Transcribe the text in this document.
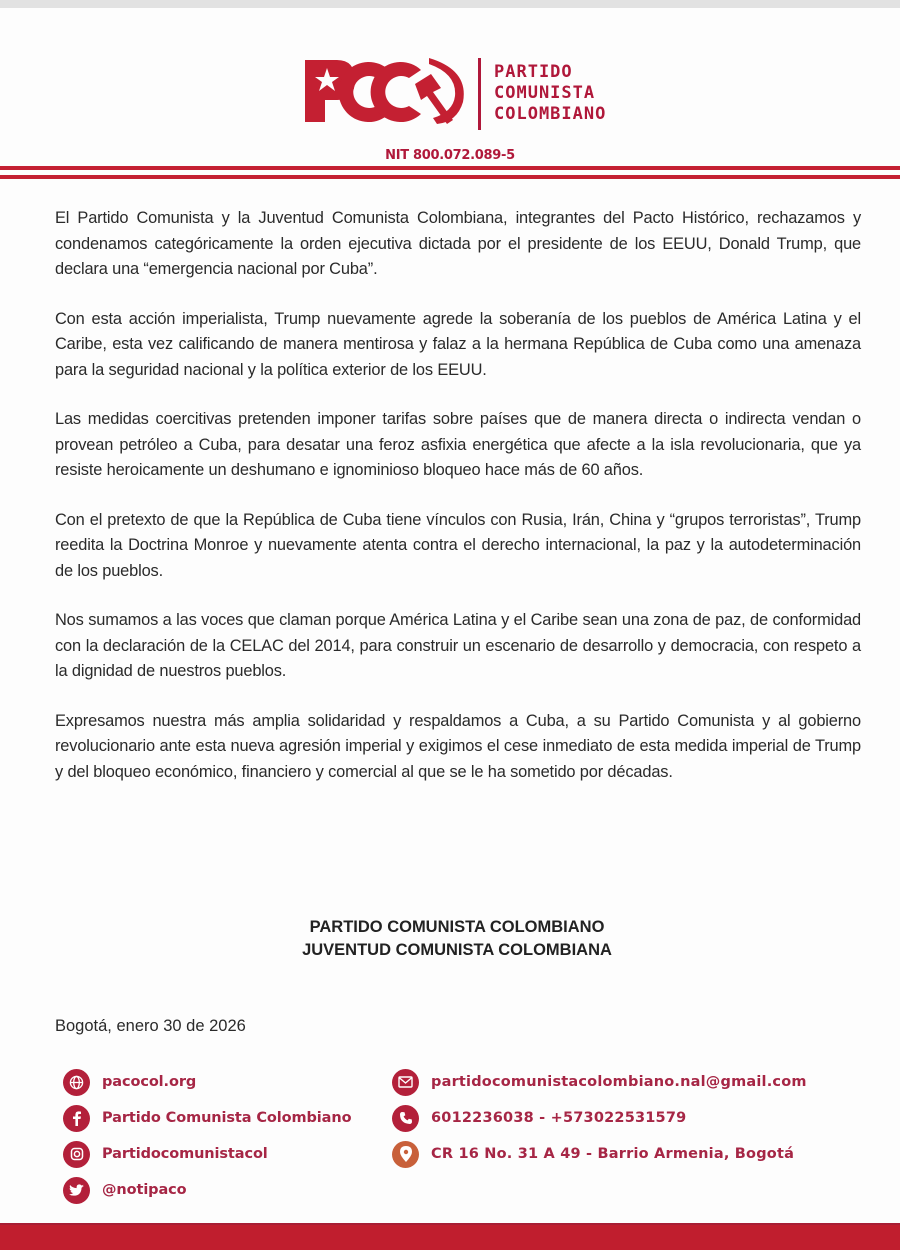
PARTIDO
COMUNISTA
COLOMBIANO
NIT 800.072.089-5

El Partido Comunista y la Juventud Comunista Colombiana, integrantes del Pacto Histórico, rechazamos y condenamos categóricamente la orden ejecutiva dictada por el presidente de los EEUU, Donald Trump, que declara una “emergencia nacional por Cuba”.

Con esta acción imperialista, Trump nuevamente agrede la soberanía de los pueblos de América Latina y el Caribe, esta vez calificando de manera mentirosa y falaz a la hermana República de Cuba como una amenaza para la seguridad nacional y la política exterior de los EEUU.

Las medidas coercitivas pretenden imponer tarifas sobre países que de manera directa o indirecta vendan o provean petróleo a Cuba, para desatar una feroz asfixia energética que afecte a la isla revolucionaria, que ya resiste heroicamente un deshumano e ignominioso bloqueo hace más de 60 años.

Con el pretexto de que la República de Cuba tiene vínculos con Rusia, Irán, China y “grupos terroristas”, Trump reedita la Doctrina Monroe y nuevamente atenta contra el derecho internacional, la paz y la autodeterminación de los pueblos.

Nos sumamos a las voces que claman porque América Latina y el Caribe sean una zona de paz, de conformidad con la declaración de la CELAC del 2014, para construir un escenario de desarrollo y democracia, con respeto a la dignidad de nuestros pueblos.

Expresamos nuestra más amplia solidaridad y respaldamos a Cuba, a su Partido Comunista y al gobierno revolucionario ante esta nueva agresión imperial y exigimos el cese inmediato de esta medida imperial de Trump y del bloqueo económico, financiero y comercial al que se le ha sometido por décadas.

PARTIDO COMUNISTA COLOMBIANO
JUVENTUD COMUNISTA COLOMBIANA
Bogotá, enero 30 de 2026
pacocol.org
Partido Comunista Colombiano
Partidocomunistacol
@notipaco
partidocomunistacolombiano.nal@gmail.com
6012236038 - +573022531579
CR 16 No. 31 A 49 - Barrio Armenia, Bogotá
